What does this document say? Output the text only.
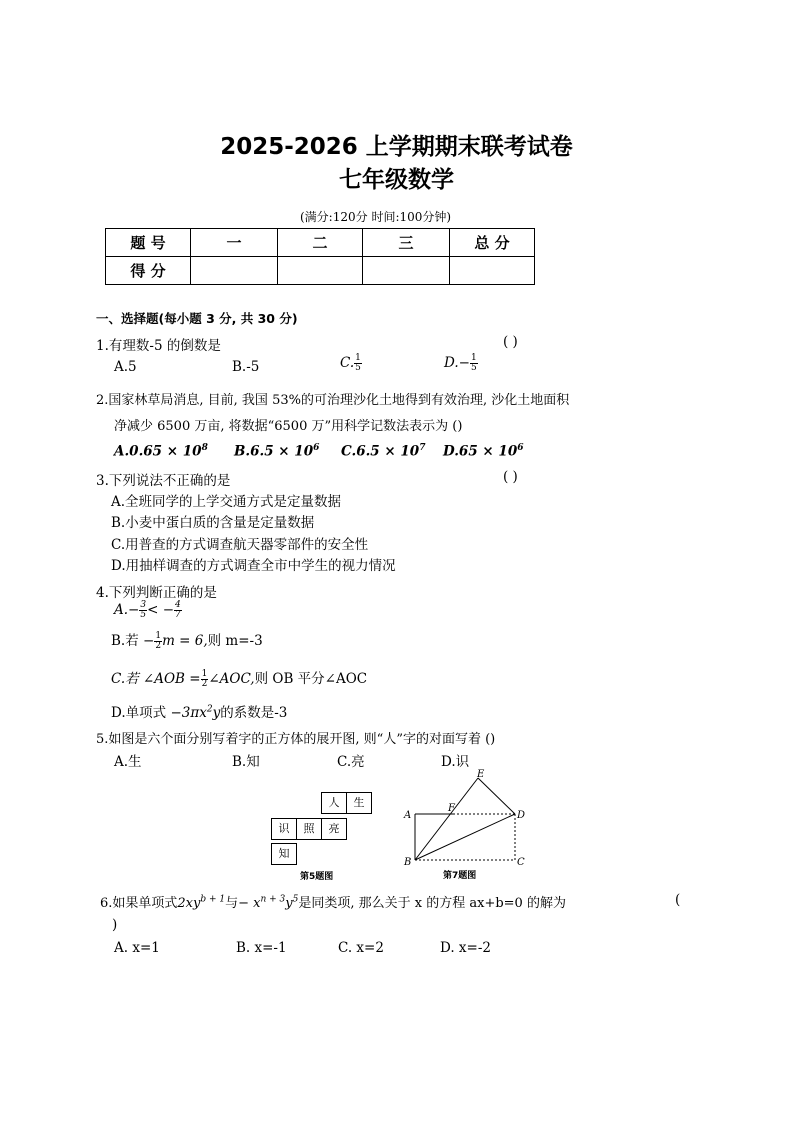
2025-2026 上学期期末联考试卷
七年级数学
(满分:120分 时间:100分钟)
题 号	一	二	三	总 分
得 分				
一、选择题(每小题 3 分, 共 30 分)
1.有理数-5 的倒数是	( )
A.5	B.-5	C. $\frac{1}{5}$	$D.- \frac{1}{5}$
2.国家林草局消息, 目前, 我国 53%的可治理沙化土地得到有效治理, 沙化土地面积
净减少 6500 万亩, 将数据“6500 万”用科学记数法表示为 ()
$A.0.65 \times 10^8$ $B.6.5 \times 10^6$ $C.6.5 \times 10^7$ $D.65 \times 10^6$
3.下列说法不正确的是	( )
A.全班同学的上学交通方式是定量数据
B.小麦中蛋白质的含量是定量数据
C.用普查的方式调查航天器零部件的安全性
D.用抽样调查的方式调查全市中学生的视力情况
4.下列判断正确的是
$A.- \frac{3}{5}$ < − $\frac{4}{7}$
B.若 − $\frac{1}{2}$ m = 6,则 m=-3
C.若 ∠AOB = $\frac{1}{2}$ ∠AOC,则 OB 平分∠AOC
D.单项式 $-3\pi x^2y$的系数是-3
5.如图是六个面分别写着字的正方体的展开图, 则“人”字的对面写着 ()
A.生	B.知	C.亮	D.识
人	生
识	照	亮
知
第5题图
E
F
A	D
B	C
第7题图
6.如果单项式$2xy^{b + 1}$与− $x^{n + 3}y^5$是同类项, 那么关于 x 的方程 ax+b=0 的解为	(
)
A. x=1	B. x=-1	C. x=2	D. x=-2
